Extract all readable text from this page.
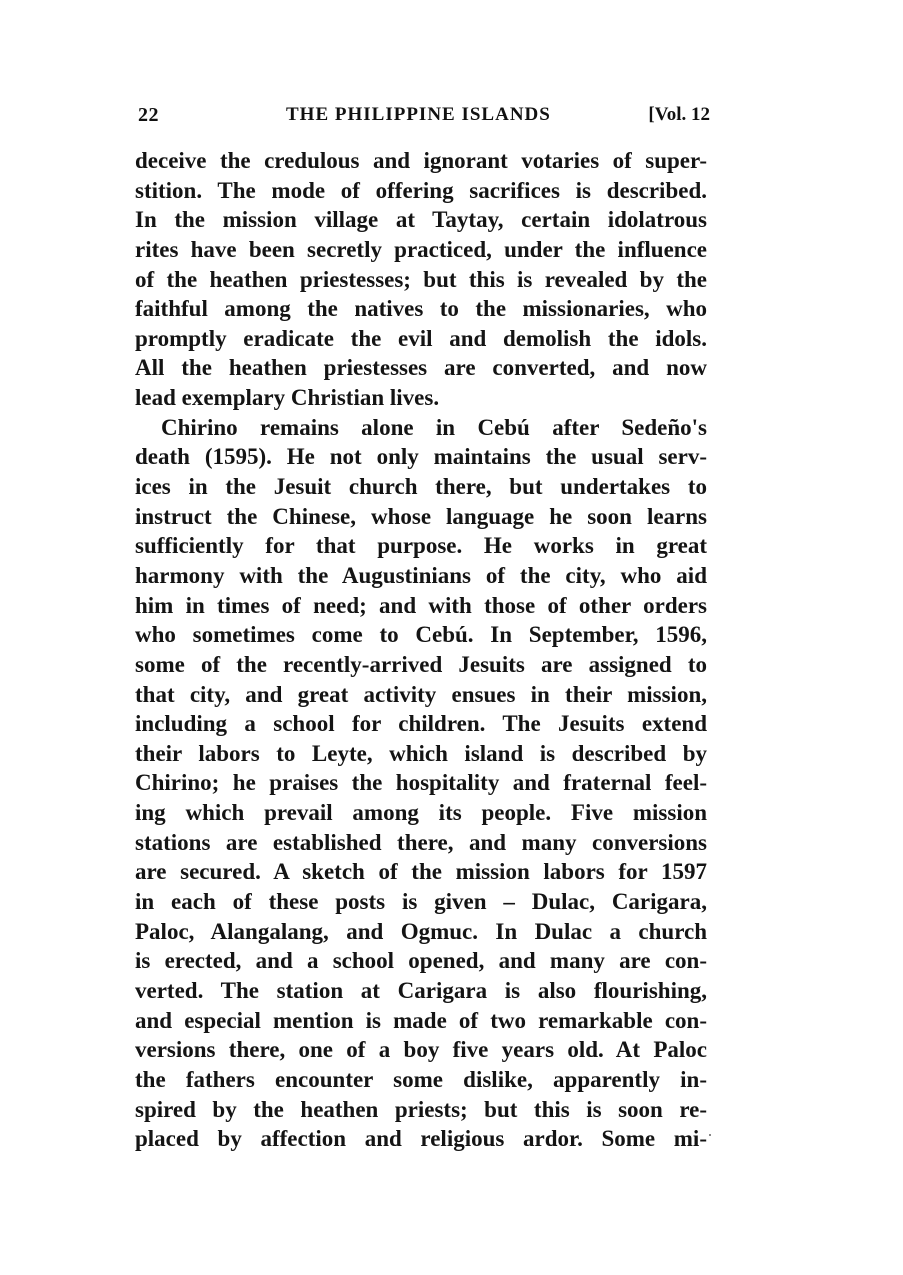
22	THE PHILIPPINE ISLANDS	[Vol. 12
deceive the credulous and ignorant votaries of super-
stition. The mode of offering sacrifices is described.
In the mission village at Taytay, certain idolatrous
rites have been secretly practiced, under the influence
of the heathen priestesses; but this is revealed by the
faithful among the natives to the missionaries, who
promptly eradicate the evil and demolish the idols.
All the heathen priestesses are converted, and now
lead exemplary Christian lives.
Chirino remains alone in Cebú after Sedeño's
death (1595). He not only maintains the usual serv-
ices in the Jesuit church there, but undertakes to
instruct the Chinese, whose language he soon learns
sufficiently for that purpose. He works in great
harmony with the Augustinians of the city, who aid
him in times of need; and with those of other orders
who sometimes come to Cebú. In September, 1596,
some of the recently-arrived Jesuits are assigned to
that city, and great activity ensues in their mission,
including a school for children. The Jesuits extend
their labors to Leyte, which island is described by
Chirino; he praises the hospitality and fraternal feel-
ing which prevail among its people. Five mission
stations are established there, and many conversions
are secured. A sketch of the mission labors for 1597
in each of these posts is given – Dulac, Carigara,
Paloc, Alangalang, and Ogmuc. In Dulac a church
is erected, and a school opened, and many are con-
verted. The station at Carigara is also flourishing,
and especial mention is made of two remarkable con-
versions there, one of a boy five years old. At Paloc
the fathers encounter some dislike, apparently in-
spired by the heathen priests; but this is soon re-
placed by affection and religious ardor. Some mi-
